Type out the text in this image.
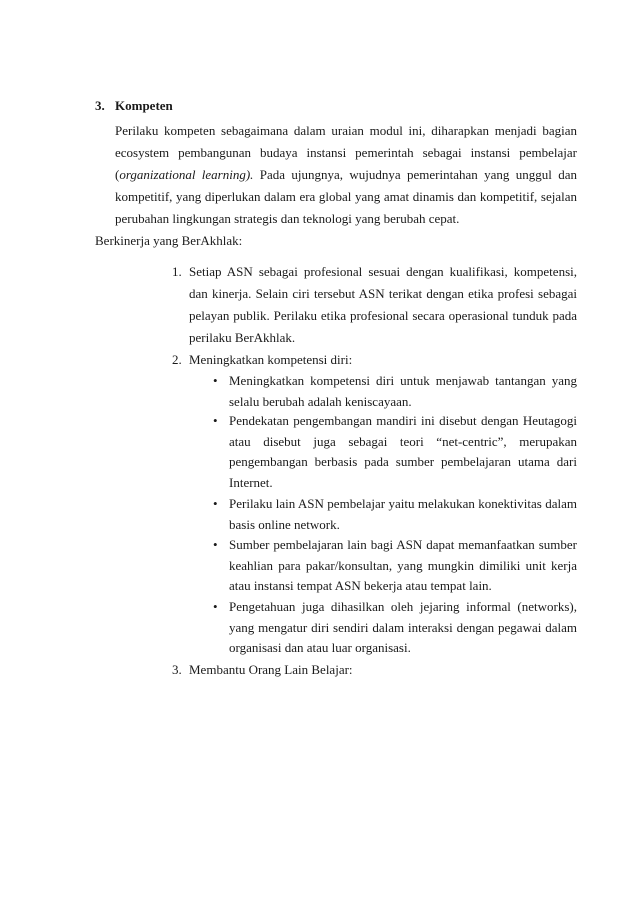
3. Kompeten
Perilaku kompeten sebagaimana dalam uraian modul ini, diharapkan menjadi bagian ecosystem pembangunan budaya instansi pemerintah sebagai instansi pembelajar (organizational learning). Pada ujungnya, wujudnya pemerintahan yang unggul dan kompetitif, yang diperlukan dalam era global yang amat dinamis dan kompetitif, sejalan perubahan lingkungan strategis dan teknologi yang berubah cepat.
Berkinerja yang BerAkhlak:
1. Setiap ASN sebagai profesional sesuai dengan kualifikasi, kompetensi, dan kinerja. Selain ciri tersebut ASN terikat dengan etika profesi sebagai pelayan publik. Perilaku etika profesional secara operasional tunduk pada perilaku BerAkhlak.
2. Meningkatkan kompetensi diri:
• Meningkatkan kompetensi diri untuk menjawab tantangan yang selalu berubah adalah keniscayaan.
• Pendekatan pengembangan mandiri ini disebut dengan Heutagogi atau disebut juga sebagai teori “net-centric”, merupakan pengembangan berbasis pada sumber pembelajaran utama dari Internet.
• Perilaku lain ASN pembelajar yaitu melakukan konektivitas dalam basis online network.
• Sumber pembelajaran lain bagi ASN dapat memanfaatkan sumber keahlian para pakar/konsultan, yang mungkin dimiliki unit kerja atau instansi tempat ASN bekerja atau tempat lain.
• Pengetahuan juga dihasilkan oleh jejaring informal (networks), yang mengatur diri sendiri dalam interaksi dengan pegawai dalam organisasi dan atau luar organisasi.
3. Membantu Orang Lain Belajar:
